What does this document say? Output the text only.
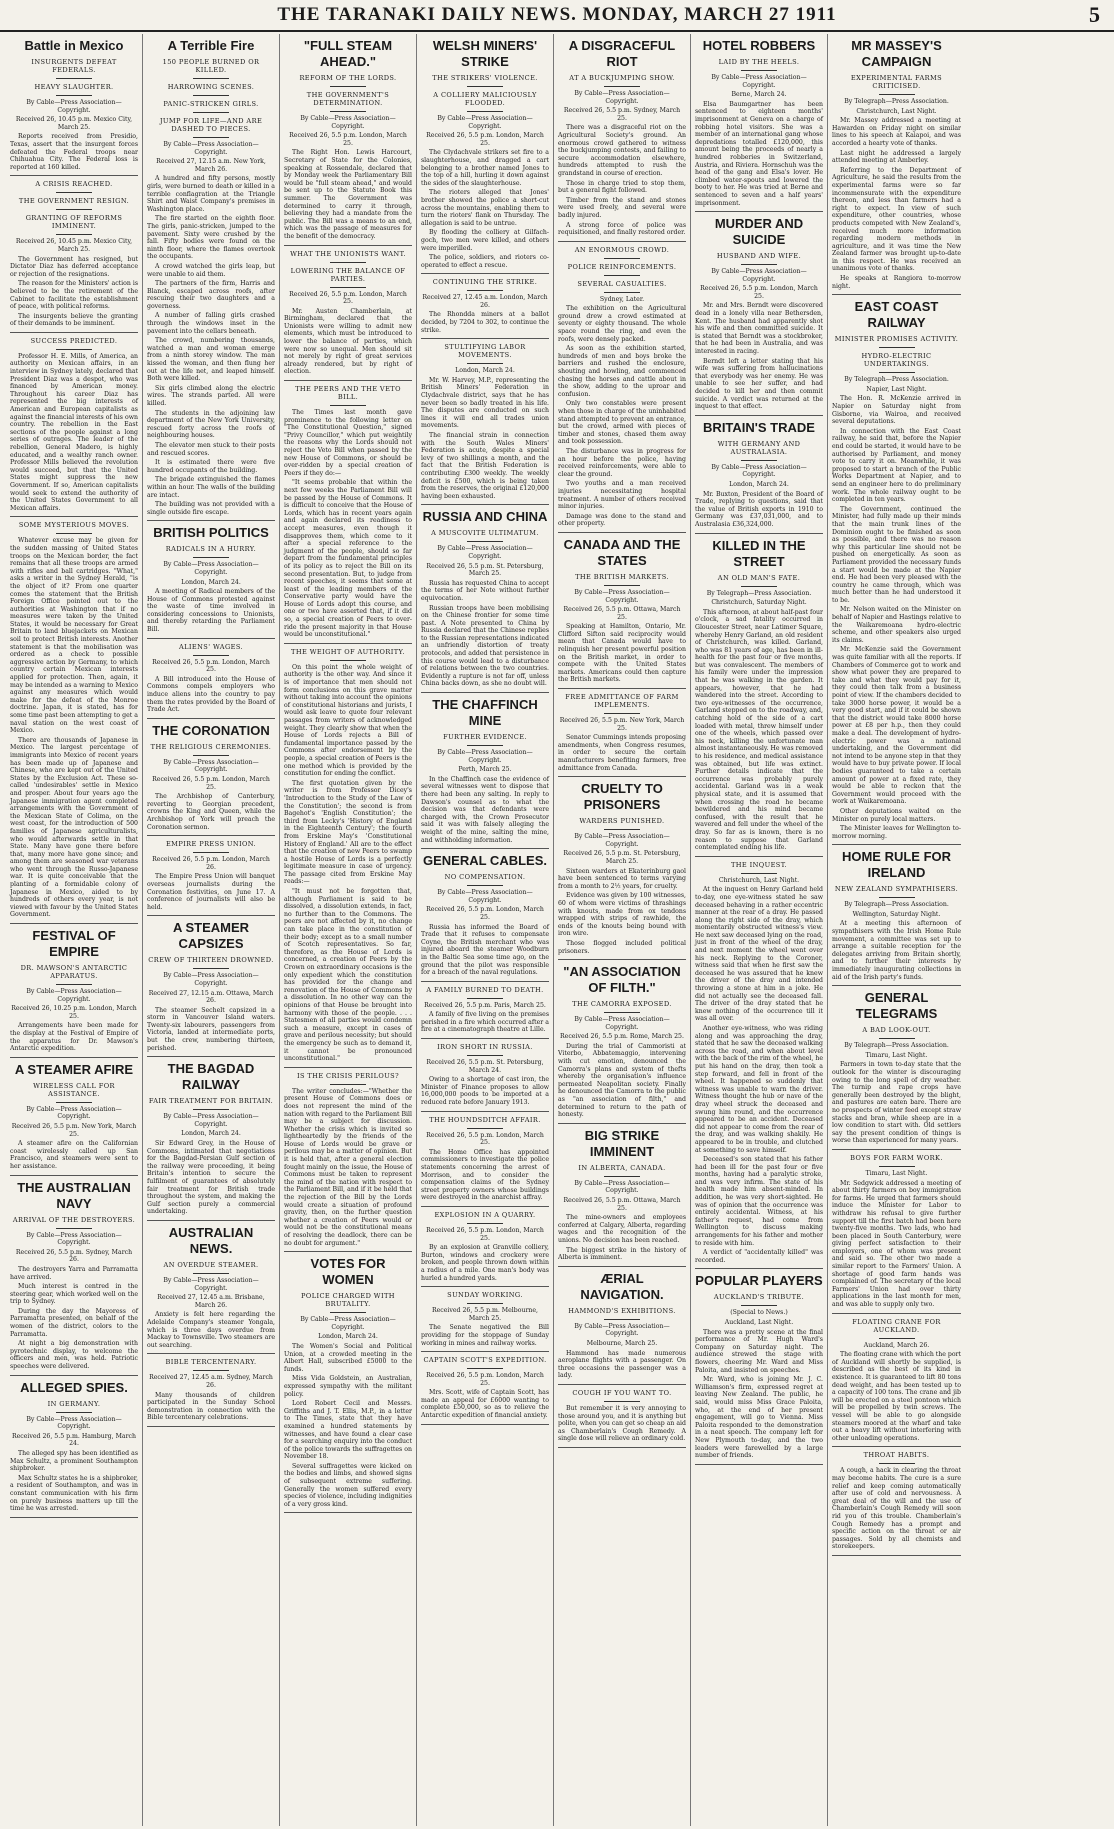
THE TARANAKI DAILY NEWS. MONDAY, MARCH 27 1911	5
Battle in Mexico
INSURGENTS DEFEAT FEDERALS.
HEAVY SLAUGHTER.
By Cable—Press Association—Copyright.
Received 26, 10.45 p.m. Mexico City, March 25.

Reports received from Presidio, Texas, assert that the insurgent forces defeated the Federal troops near Chihuahua City. The Federal loss is reported at 160 killed.

A CRISIS REACHED.
THE GOVERNMENT RESIGN.
GRANTING OF REFORMS IMMINENT.
Received 26, 10.45 p.m. Mexico City, March 25.

The Government has resigned, but Dictator Diaz has deferred acceptance or rejection of the resignations.

The reason for the Ministers' action is believed to be the retirement of the Cabinet to facilitate the establishment of peace, with political reforms.

The insurgents believe the granting of their demands to be imminent.

SUCCESS PREDICTED.

Professor H. E. Mills, of America, an authority on Mexican affairs, in an interview in Sydney lately, declared that President Diaz was a despot, who was financed by American money. Throughout his career Diaz has represented the big interests of American and European capitalists as against the financial interests of his own country. The rebellion in the East sections of the people against a long series of outrages. The leader of the rebellion, General Madero, is highly educated, and a wealthy ranch owner. Professor Mills believed the revolution would succeed, but that the United States might suppress the new Government. If so, American capitalists would seek to extend the authority of the United States Government to all Mexican affairs.

SOME MYSTERIOUS MOVES.

Whatever excuse may be given for the sudden massing of United States troops on the Mexican border, the fact remains that all these troops are armed with rifles and ball cartridges. "What," asks a writer in the Sydney Herald, "is the object of it? From one quarter comes the statement that the British Foreign Office pointed out to the authorities at Washington that if no measures were taken by the United States, it would be necessary for Great Britain to land bluejackets on Mexican soil to protect British interests. Another statement is that the mobilisation was ordered as a check to possible aggressive action by Germany, to which country certain Mexican interests applied for protection. Then, again, it may be intended as a warning to Mexico against any measures which would make for the defeat of the Monroe doctrine. Japan, it is stated, has for some time past been attempting to get a naval station on the west coast of Mexico.

There are thousands of Japanese in Mexico. The largest percentage of immigrants into Mexico of recent years has been made up of Japanese and Chinese, who are kept out of the United States by the Exclusion Act. These so-called 'undesirables' settle in Mexico and prosper. About four years ago the Japanese immigration agent completed arrangements with the Government of the Mexican State of Colima, on the west coast, for the introduction of 500 families of Japanese agriculturalists, who would afterwards settle in that State. Many have gone there before that, many more have gone since; and among them are seasoned war veterans who went through the Russo-Japanese war. It is quite conceivable that the planting of a formidable colony of Japanese in Mexico, aided to by hundreds of others every year, is not viewed with favour by the United States Government.

FESTIVAL OF EMPIRE
DR. MAWSON'S ANTARCTIC APPARATUS.
By Cable—Press Association—Copyright.
Received 26, 10.25 p.m. London, March 25.

Arrangements have been made for the display at the Festival of Empire of the apparatus for Dr. Mawson's Antarctic expedition.

A STEAMER AFIRE
WIRELESS CALL FOR ASSISTANCE.
By Cable—Press Association—Copyright.
Received 26, 5.5 p.m. New York, March 25.

A steamer afire on the Californian coast wirelessly called up San Francisco, and steamers were sent to her assistance.

THE AUSTRALIAN NAVY
ARRIVAL OF THE DESTROYERS.
By Cable—Press Association—Copyright.
Received 26, 5.5 p.m. Sydney, March 26.

The destroyers Yarra and Parramatta have arrived.

Much interest is centred in the steering gear, which worked well on the trip to Sydney.

During the day the Mayoress of Parramatta presented, on behalf of the women of the district, colors to the Parramatta.

At night a big demonstration with pyrotechnic display, to welcome the officers and men, was held. Patriotic speeches were delivered.

ALLEGED SPIES.
IN GERMANY.
By Cable—Press Association—Copyright.
Received 26, 5.5 p.m. Hamburg, March 24.

The alleged spy has been identified as Max Schultz, a prominent Southampton shipbroker.

Max Schultz states he is a shipbroker, a resident of Southampton, and was in constant communication with his firm on purely business matters up till the time he was arrested.

A Terrible Fire
150 PEOPLE BURNED OR KILLED.
HARROWING SCENES.
PANIC-STRICKEN GIRLS.
JUMP FOR LIFE—AND ARE DASHED TO PIECES.
By Cable—Press Association—Copyright.
Received 27, 12.15 a.m. New York, March 26.

A hundred and fifty persons, mostly girls, were burned to death or killed in a terrible conflagration at the Triangle Shirt and Waist Company's premises in Washington place.

The fire started on the eighth floor. The girls, panic-stricken, jumped to the pavement. Sixty were crushed by the fall. Fifty bodies were found on the ninth floor, where the flames overtook the occupants.

A crowd watched the girls leap, but were unable to aid them.

The partners of the firm, Harris and Blanck, escaped across roofs, after rescuing their two daughters and a governess.

A number of falling girls crashed through the windows inset in the pavement into the cellars beneath.

The crowd, numbering thousands, watched a man and woman emerge from a ninth storey window. The man kissed the woman, and then flung her out at the life net, and leaped himself. Both were killed.

Six girls climbed along the electric wires. The strands parted. All were killed.

The students in the adjoining law department of the New York University, rescued forty across the roofs of neighbouring houses.

The elevator men stuck to their posts and rescued scores.

It is estimated there were five hundred occupants of the building.

The brigade extinguished the flames within an hour. The walls of the building are intact.

The building was not provided with a single outside fire escape.

BRITISH POLITICS
RADICALS IN A HURRY.
By Cable—Press Association—Copyright.
London, March 24.

A meeting of Radical members of the House of Commons protested against the waste of time involved in considering concessions to Unionists, and thereby retarding the Parliament Bill.

ALIENS' WAGES.
Received 26, 5.5 p.m. London, March 25.

A Bill introduced into the House of Commons compels employers who induce aliens into the country to pay them the rates provided by the Board of Trade Act.

THE CORONATION
THE RELIGIOUS CEREMONIES.
By Cable—Press Association—Copyright.
Received 26, 5.5 p.m. London, March 25.

The Archbishop of Canterbury, reverting to Georgian precedent, crowns the King and Queen, while the Archbishop of York will preach the Coronation sermon.

EMPIRE PRESS UNION.
Received 26, 5.5 p.m. London, March 26.

The Empire Press Union will banquet overseas journalists during the Coronation festivities, on June 17. A conference of journalists will also be held.

A STEAMER CAPSIZES
CREW OF THIRTEEN DROWNED.
By Cable—Press Association—Copyright.
Received 27, 12.15 a.m. Ottawa, March 26.

The steamer Sechelt capsized in a storm in Vancouver Island waters. Twenty-six labourers, passengers from Victoria, landed at intermediate ports, but the crew, numbering thirteen, perished.

THE BAGDAD RAILWAY
FAIR TREATMENT FOR BRITAIN.
By Cable—Press Association—Copyright.
London, March 24.

Sir Edward Grey, in the House of Commons, intimated that negotiations for the Bagdad-Persian Gulf section of the railway were proceeding, it being Britain's intention to secure the fulfilment of guarantees of absolutely fair treatment for British trade throughout the system, and making the Gulf section purely a commercial undertaking.

AUSTRALIAN NEWS.
AN OVERDUE STEAMER.
By Cable—Press Association—Copyright.
Received 27, 12.45 a.m. Brisbane, March 26.

Anxiety is felt here regarding the Adelaide Company's steamer Yongala, which is three days overdue from Mackay to Townsville. Two steamers are out searching.

BIBLE TERCENTENARY.
Received 27, 12.45 a.m. Sydney, March 26.

Many thousands of children participated in the Sunday School demonstration in connection with the Bible tercentenary celebrations.

"FULL STEAM AHEAD."
REFORM OF THE LORDS.
THE GOVERNMENT'S DETERMINATION.
By Cable—Press Association—Copyright.
Received 26, 5.5 p.m. London, March 25.

The Right Hon. Lewis Harcourt, Secretary of State for the Colonies, speaking at Rossendale, declared that by Monday week the Parliamentary Bill would be "full steam ahead," and would be sent up to the Statute Book this summer. The Government was determined to carry it through, believing they had a mandate from the public. The Bill was a means to an end, which was the passage of measures for the benefit of the democracy.

WHAT THE UNIONISTS WANT.
LOWERING THE BALANCE OF PARTIES.
Received 26, 5.5 p.m. London, March 25.

Mr. Austen Chamberlain, at Birmingham, declared that the Unionists were willing to admit new elements, which must be introduced to lower the balance of parties, which were now so unequal. Men should sit not merely by right of great services already rendered, but by right of election.

THE PEERS AND THE VETO BILL.

The Times last month gave prominence to the following letter on "The Constitutional Question," signed "Privy Councillor," which put weightily the reasons why the Lords should not reject the Veto Bill when passed by the new House of Commons, or should be over-ridden by a special creation of Peers if they do:—

"It seems probable that within the next few weeks the Parliament Bill will be passed by the House of Commons. It is difficult to conceive that the House of Lords, which has in recent years again and again declared its readiness to accept measures, even though it disapproves them, which come to it after a special reference to the judgment of the people, should so far depart from the fundamental principles of its policy as to reject the Bill on its second presentation. But, to judge from recent speeches, it seems that some at least of the leading members of the Conservative party would have the House of Lords adopt this course, and one or two have asserted that, if it did so, a special creation of Peers to over-ride the present majority in that House would be unconstitutional."

THE WEIGHT OF AUTHORITY.

On this point the whole weight of authority is the other way. And since it is of importance that men should not form conclusions on this grave matter without taking into account the opinions of constitutional historians and jurists, I would ask leave to quote four relevant passages from writers of acknowledged weight. They clearly show that when the House of Lords rejects a Bill of fundamental importance passed by the Commons after endorsement by the people, a special creation of Peers is the one method which is provided by the constitution for ending the conflict.

The first quotation given by the writer is from Professor Dicey's 'Introduction to the Study of the Law of the Constitution'; the second is from Bagehot's 'English Constitution'; the third from Lecky's 'History of England in the Eighteenth Century'; the fourth from Erskine May's 'Constitutional History of England.' All are to the effect that the creation of new Peers to swamp a hostile House of Lords is a perfectly legitimate measure in case of urgency. The passage cited from Erskine May reads:—

"It must not be forgotten that, although Parliament is said to be dissolved, a dissolution extends, in fact, no further than to the Commons. The peers are not affected by it, no change can take place in the constitution of their body; except as to a small number of Scotch representatives. So far, therefore, as the House of Lords is concerned, a creation of Peers by the Crown on extraordinary occasions is the only expedient which the constitution has provided for the change and renovation of the House of Commons by a dissolution. In no other way can the opinions of that House be brought into harmony with those of the people. . . . Statesmen of all parties would condemn such a measure, except in cases of grave and perilous necessity; but should the emergency be such as to demand it, it cannot be pronounced unconstitutional."

IS THE CRISIS PERILOUS?

The writer concludes:—"Whether the present House of Commons does or does not represent the mind of the nation with regard to the Parliament Bill may be a subject for discussion. Whether the crisis which is invited so lightheartedly by the friends of the House of Lords would be grave or perilous may be a matter of opinion. But it is held that, after a general election fought mainly on the issue, the House of Commons must be taken to represent the mind of the nation with respect to the Parliament Bill, and if it be held that the rejection of the Bill by the Lords would create a situation of profound gravity, then, on the further question whether a creation of Peers would or would not be the constitutional means of resolving the deadlock, there can be no doubt for argument."

VOTES FOR WOMEN
POLICE CHARGED WITH BRUTALITY.
By Cable—Press Association—Copyright.
London, March 24.

The Women's Social and Political Union, at a crowded meeting in the Albert Hall, subscribed £5000 to the funds.

Miss Vida Goldstein, an Australian, expressed sympathy with the militant policy.

Lord Robert Cecil and Messrs. Griffiths and J. T. Ellis, M.P., in a letter to The Times, state that they have examined a hundred statements by witnesses, and have found a clear case for a searching enquiry into the conduct of the police towards the suffragettes on November 18.

Several suffragettes were kicked on the bodies and limbs, and showed signs of subsequent extreme suffering. Generally the women suffered every species of violence, including indignities of a very gross kind.

WELSH MINERS' STRIKE
THE STRIKERS' VIOLENCE.
A COLLIERY MALICIOUSLY FLOODED.
By Cable—Press Association—Copyright.
Received 26, 5.5 p.m. London, March 25.

The Clydachvale strikers set fire to a slaughterhouse, and dragged a cart belonging to a brother named Jones to the top of a hill, hurling it down against the sides of the slaughterhouse.

The rioters alleged that Jones' brother showed the police a short-cut across the mountains, enabling them to turn the rioters' flank on Thursday. The allegation is said to be untrue.

By flooding the colliery at Gilfach-goch, two men were killed, and others were imperilled.

The police, soldiers, and rioters co-operated to effect a rescue.

CONTINUING THE STRIKE.
Received 27, 12.45 a.m. London, March 26.

The Rhondda miners at a ballot decided, by 7204 to 302, to continue the strike.

STULTIFYING LABOR MOVEMENTS.
London, March 24.

Mr. W. Harvey, M.P., representing the British Miners' Federation in Clydachvale district, says that he has never been so badly treated in his life. The disputes are conducted on such lines it will end all trades union movements.

The financial strain in connection with the South Wales Miners' Federation is acute, despite a special levy of two shillings a month, and the fact that the British Federation is contributing £300 weekly. The weekly deficit is £500, which is being taken from the reserves, the original £120,000 having been exhausted.

RUSSIA AND CHINA
A MUSCOVITE ULTIMATUM.
By Cable—Press Association—Copyright.
Received 26, 5.5 p.m. St. Petersburg, March 25.

Russia has requested China to accept the terms of her Note without further equivocation.

Russian troops have been mobilising on the Chinese frontier for some time past. A Note presented to China by Russia declared that the Chinese replies to the Russian representations indicated an unfriendly distortion of treaty protocols, and added that persistence in this course would lead to a disturbance of relations between the two countries. Evidently a rupture is not far off, unless China backs down, as she no doubt will.

THE CHAFFINCH MINE
FURTHER EVIDENCE.
By Cable—Press Association—Copyright.
Perth, March 25.

In the Chaffinch case the evidence of several witnesses went to dispose that there had been any salting. In reply to Dawson's counsel as to what the decision was that defendants were charged with, the Crown Prosecutor said it was with falsely alleging the weight of the mine, salting the mine, and withholding information.

GENERAL CABLES.
NO COMPENSATION.
By Cable—Press Association—Copyright.
Received 26, 5.5 p.m. London, March 25.

Russia has informed the Board of Trade that it refuses to compensate Coyne, the British merchant who was injured aboard the steamer Woodburn in the Baltic Sea some time ago, on the ground that the pilot was responsible for a breach of the naval regulations.

A FAMILY BURNED TO DEATH.
Received 26, 5.5 p.m. Paris, March 25.

A family of five living on the premises perished in a fire which occurred after a fire at a cinematograph theatre at Lille.

IRON SHORT IN RUSSIA.
Received 26, 5.5 p.m. St. Petersburg, March 24.

Owing to a shortage of cast iron, the Minister of Finance proposes to allow 16,000,000 poods to be imported at a reduced rate before January 1913.

THE HOUNDSDITCH AFFAIR.
Received 26, 5.5 p.m. London, March 25.

The Home Office has appointed commissioners to investigate the police statements concerning the arrest of Morrison, and to consider the compensation claims of the Sydney street property owners whose buildings were destroyed in the anarchist affray.

EXPLOSION IN A QUARRY.
Received 26, 5.5 p.m. London, March 25.

By an explosion at Granville colliery, Burton, windows and crockery were broken, and people thrown down within a radius of a mile. One man's body was hurled a hundred yards.

SUNDAY WORKING.
Received 26, 5.5 p.m. Melbourne, March 25.

The Senate negatived the Bill providing for the stoppage of Sunday working in mines and railway works.

CAPTAIN SCOTT'S EXPEDITION.
Received 26, 5.5 p.m. London, March 25.

Mrs. Scott, wife of Captain Scott, has made an appeal for £6000 wanting to complete £50,000, so as to relieve the Antarctic expedition of financial anxiety.

A DISGRACEFUL RIOT
AT A BUCKJUMPING SHOW.
By Cable—Press Association—Copyright.
Received 26, 5.5 p.m. Sydney, March 25.

There was a disgraceful riot on the Agricultural Society's ground. An enormous crowd gathered to witness the buckjumping contests, and failing to secure accommodation elsewhere, hundreds attempted to rush the grandstand in course of erection.

Those in charge tried to stop them, but a general fight followed.

Timber from the stand and stones were used freely, and several were badly injured.

A strong force of police was requisitioned, and finally restored order.

AN ENORMOUS CROWD.
POLICE REINFORCEMENTS.
SEVERAL CASUALTIES.
Sydney, Later.

The exhibition on the Agricultural ground drew a crowd estimated at seventy or eighty thousand. The whole space round the ring, and even the roofs, were densely packed.

As soon as the exhibition started, hundreds of men and boys broke the barriers and rushed the enclosure, shouting and howling, and commenced chasing the horses and cattle about in the show, adding to the uproar and confusion.

Only two constables were present when those in charge of the uninhabited stand attempted to prevent an entrance, but the crowd, armed with pieces of timber and stones, chased them away and took possession.

The disturbance was in progress for an hour before the police, having received reinforcements, were able to clear the ground.

Two youths and a man received injuries necessitating hospital treatment. A number of others received minor injuries.

Damage was done to the stand and other property.

CANADA AND THE STATES
THE BRITISH MARKETS.
By Cable—Press Association—Copyright.
Received 26, 5.5 p.m. Ottawa, March 25.

Speaking at Hamilton, Ontario, Mr. Clifford Sifton said reciprocity would mean that Canada would have to relinquish her present powerful position on the British market, in order to compete with the United States markets. Americans could then capture the British markets.

FREE ADMITTANCE OF FARM IMPLEMENTS.
Received 26, 5.5 p.m. New York, March 25.

Senator Cummings intends proposing amendments, when Congress resumes, in order to secure the certain manufacturers benefiting farmers, free admittance from Canada.

CRUELTY TO PRISONERS
WARDERS PUNISHED.
By Cable—Press Association—Copyright.
Received 26, 5.5 p.m. St. Petersburg, March 25.

Sixteen warders at Ekaterinburg gaol have been sentenced to terms varying from a month to 2½ years, for cruelty.

Evidence was given by 100 witnesses, 60 of whom were victims of thrashings with knouts, made from ox tendons wrapped with strips of rawhide, the ends of the knouts being bound with iron wire.

Those flogged included political prisoners.

"AN ASSOCIATION OF FILTH."
THE CAMORRA EXPOSED.
By Cable—Press Association—Copyright.
Received 26, 5.5 p.m. Rome, March 25.

During the trial of Cammoristi at Viterbo, Abbatemaggio, intervening with cut emotion, denounced the Camorra's plans and system of thefts whereby the organisation's influence permeated Neapolitan society. Finally he denounced the Camorra to the public as "an association of filth," and determined to return to the path of honesty.

BIG STRIKE IMMINENT
IN ALBERTA, CANADA.
By Cable—Press Association—Copyright.
Received 26, 5.5 p.m. Ottawa, March 25.

The mine-owners and employees conferred at Calgary, Alberta, regarding wages and the recognition of the unions. No decision has been reached.

The biggest strike in the history of Alberta is imminent.

ÆRIAL NAVIGATION.
HAMMOND'S EXHIBITIONS.
By Cable—Press Association—Copyright.
Melbourne, March 25.

Hammond has made numerous aeroplane flights with a passenger. On three occasions the passenger was a lady.

COUGH IF YOU WANT TO.

But remember it is very annoying to those around you, and it is anything but polite, when you can get so cheap an aid as Chamberlain's Cough Remedy. A single dose will relieve an ordinary cold.

HOTEL ROBBERS
LAID BY THE HEELS.
By Cable—Press Association—Copyright.
Berne, March 24.

Elsa Baumgartner has been sentenced to eighteen months' imprisonment at Geneva on a charge of robbing hotel visitors. She was a member of an international gang whose depredations totalled £120,000, this amount being the proceeds of nearly a hundred robberies in Switzerland, Austria, and Riviera. Hornschuh was the head of the gang and Elsa's lover. He climbed water-spouts and lowered the booty to her. He was tried at Berne and sentenced to seven and a half years' imprisonment.

MURDER AND SUICIDE
HUSBAND AND WIFE.
By Cable—Press Association—Copyright.
Received 26, 5.5 p.m. London, March 25.

Mr. and Mrs. Berndt were discovered dead in a lonely villa near Bethersden, Kent. The husband had apparently shot his wife and then committed suicide. It is stated that Berndt was a stockbroker, that he had been in Australia, and was interested in racing.

Berndt left a letter stating that his wife was suffering from hallucinations that everybody was her enemy. He was unable to see her suffer, and had decided to kill her and then commit suicide. A verdict was returned at the inquest to that effect.

BRITAIN'S TRADE
WITH GERMANY AND AUSTRALASIA.
By Cable—Press Association—Copyright.
London, March 24.

Mr. Buxton, President of the Board of Trade, replying to questions, said that the value of British exports in 1910 to Germany was £37,031,000, and to Australasia £36,324,000.

KILLED IN THE STREET
AN OLD MAN'S FATE.
By Telegraph—Press Association.
Christchurch, Saturday Night.

This afternoon, at about half-past four o'clock, a sad fatality occurred in Gloucester Street, near Latimer Square, whereby Henry Garland, an old resident of Christchurch, was killed. Garland, who was 81 years of age, has been in ill-health for the past four or five months, but was convalescent. The members of his family were under the impression that he was walking in the garden. It appears, however, that he had wandered into the street. According to two eye-witnesses of the occurrence, Garland stepped on to the roadway, and, catching hold of the side of a cart loaded with metal, threw himself under one of the wheels, which passed over his neck, killing the unfortunate man almost instantaneously. He was removed to his residence, and medical assistance was obtained, but life was extinct. Further details indicate that the occurrence was probably purely accidental. Garland was in a weak physical state, and it is assumed that when crossing the road he became bewildered and his mind became confused, with the result that he wavered and fell under the wheel of the dray. So far as is known, there is no reason to suppose that Garland contemplated ending his life.

THE INQUEST.
Christchurch, Last Night.

At the inquest on Henry Garland held to-day, one eye-witness stated he saw deceased behaving in a rather eccentric manner at the rear of a dray. He passed along the right side of the dray, which momentarily obstructed witness's view. He next saw deceased lying on the road, just in front of the wheel of the dray, and next moment the wheel went over his neck. Replying to the Coroner, witness said that when he first saw the deceased he was assured that he knew the driver of the dray and intended throwing a stone at him in a joke. He did not actually see the deceased fall. The driver of the dray stated that he knew nothing of the occurrence till it was all over.

Another eye-witness, who was riding along and was approaching the dray, stated that he saw the deceased walking across the road, and when about level with the back of the rim of the wheel, he put his hand on the dray, then took a step forward, and fell in front of the wheel. It happened so suddenly that witness was unable to warn the driver. Witness thought the hub or nave of the dray wheel struck the deceased and swung him round, and the occurrence appeared to be an accident. Deceased did not appear to come from the rear of the dray, and was walking shakily. He appeared to be in trouble, and clutched at something to save himself.

Deceased's son stated that his father had been ill for the past four or five months, having had a paralytic stroke, and was very infirm. The state of his health made him absent-minded. In addition, he was very short-sighted. He was of opinion that the occurrence was entirely accidental. Witness, at his father's request, had come from Wellington to discuss making arrangements for his father and mother to reside with him.

A verdict of "accidentally killed" was recorded.

POPULAR PLAYERS
AUCKLAND'S TRIBUTE.
(Special to News.)
Auckland, Last Night.

There was a pretty scene at the final performance of Mr. Hugh Ward's Company on Saturday night. The audience strewed the stage with flowers, cheering Mr. Ward and Miss Paloita, and insisted on speeches.

Mr. Ward, who is joining Mr. J. C. Williamson's firm, expressed regret at leaving New Zealand. The public, he said, would miss Miss Grace Paloita, who, at the end of her present engagement, will go to Vienna. Miss Paloita responded to the demonstration in a neat speech. The company left for New Plymouth to-day, and the two leaders were farewelled by a large number of friends.

MR MASSEY'S CAMPAIGN
EXPERIMENTAL FARMS CRITICISED.
By Telegraph—Press Association.
Christchurch, Last Night.

Mr. Massey addressed a meeting at Hawarden on Friday night on similar lines to his speech at Kaiapoi, and was accorded a hearty vote of thanks.

Last night he addressed a largely attended meeting at Amberley.

Referring to the Department of Agriculture, he said the results from the experimental farms were so far incommensurate with the expenditure thereon, and less than farmers had a right to expect. In view of such expenditure, other countries, whose products competed with New Zealand's, received much more information regarding modern methods in agriculture, and it was time the New Zealand farmer was brought up-to-date in this respect. He was received an unanimous vote of thanks.

He speaks at Rangiora to-morrow night.

EAST COAST RAILWAY
MINISTER PROMISES ACTIVITY.
HYDRO-ELECTRIC UNDERTAKINGS.
By Telegraph—Press Association.
Napier, Last Night.

The Hon. R. McKenzie arrived in Napier on Saturday night from Gisborne, via Wairoa, and received several deputations.

In connection with the East Coast railway, he said that, before the Napier end could be started, it would have to be authorised by Parliament, and money vote to carry it on. Meanwhile, it was proposed to start a branch of the Public Works Department at Napier, and to send an engineer here to do preliminary work. The whole railway ought to be completed in ten years.

The Government, continued the Minister, had fully made up their minds that the main trunk lines of the Dominion ought to be finished as soon as possible, and there was no reason why this particular line should not be pushed on energetically. As soon as Parliament provided the necessary funds a start would be made at the Napier end. He had been very pleased with the country he came through, which was much better than he had understood it to be.

Mr. Nelson waited on the Minister on behalf of Napier and Hastings relative to the Waikaremoana hydro-electric scheme, and other speakers also urged its claims.

Mr. McKenzie said the Government was quite familiar with all the reports. If Chambers of Commerce got to work and show what power they are prepared to take and what they would pay for it, they could then talk from a business point of view. If the chambers decided to take 3000 horse power, it would be a very good start, and if it could be shown that the district would take 8000 horse power at £8 per h.p., then they could make a deal. The development of hydro-electric power was a national undertaking, and the Government did not intend to be anyone step in that they would have to buy private power. If local bodies guaranteed to take a certain amount of power at a fixed rate, they would be able to reckon that the Government would proceed with the work at Waikaremoana.

Other deputations waited on the Minister on purely local matters.

The Minister leaves for Wellington to-morrow morning.

HOME RULE FOR IRELAND
NEW ZEALAND SYMPATHISERS.
By Telegraph—Press Association.
Wellington, Saturday Night.

At a meeting this afternoon of sympathisers with the Irish Home Rule movement, a committee was set up to arrange a suitable reception for the delegates arriving from Britain shortly, and to further their interests by immediately inaugurating collections in aid of the Irish party's funds.

GENERAL TELEGRAMS
A BAD LOOK-OUT.
By Telegraph—Press Association.
Timaru, Last Night.

Farmers in town to-day state that the outlook for the winter is discouraging owing to the long spell of dry weather. The turnip and rape crops have generally been destroyed by the blight, and pastures are eaten bare. There are no prospects of winter feed except straw stacks and bran, while sheep are in a low condition to start with. Old settlers say the present condition of things is worse than experienced for many years.

BOYS FOR FARM WORK.
Timaru, Last Night.

Mr. Sedgwick addressed a meeting of about thirty farmers on boy immigration for farms. He urged that farmers should induce the Minister for Labor to withdraw his refusal to give further support till the first batch had been here twenty-five months. Two lads, who had been placed in South Canterbury, were giving perfect satisfaction to their employers, one of whom was present and said so. The other two made a similar report to the Farmers' Union. A shortage of good farm hands was complained of. The secretary of the local Farmers' Union had over thirty applications in the last month for men, and was able to supply only two.

FLOATING CRANE FOR AUCKLAND.
Auckland, March 26.

The floating crane with which the port of Auckland will shortly be supplied, is described as the best of its kind in existence. It is guaranteed to lift 80 tons dead weight, and has been tested up to a capacity of 100 tons. The crane and jib will be erected on a steel pontoon which will be propelled by twin screws. The vessel will be able to go alongside steamers moored at the wharf and take out a heavy lift without interfering with other unloading operations.

THROAT HABITS.

A cough, a hack in clearing the throat may become habits. The cure is a sure relief and keep coming automatically after use of cold and nervousness. A great deal of the will and the use of Chamberlain's Cough Remedy will soon rid you of this trouble. Chamberlain's Cough Remedy has a prompt and specific action on the throat or air passages. Sold by all chemists and storekeepers.
